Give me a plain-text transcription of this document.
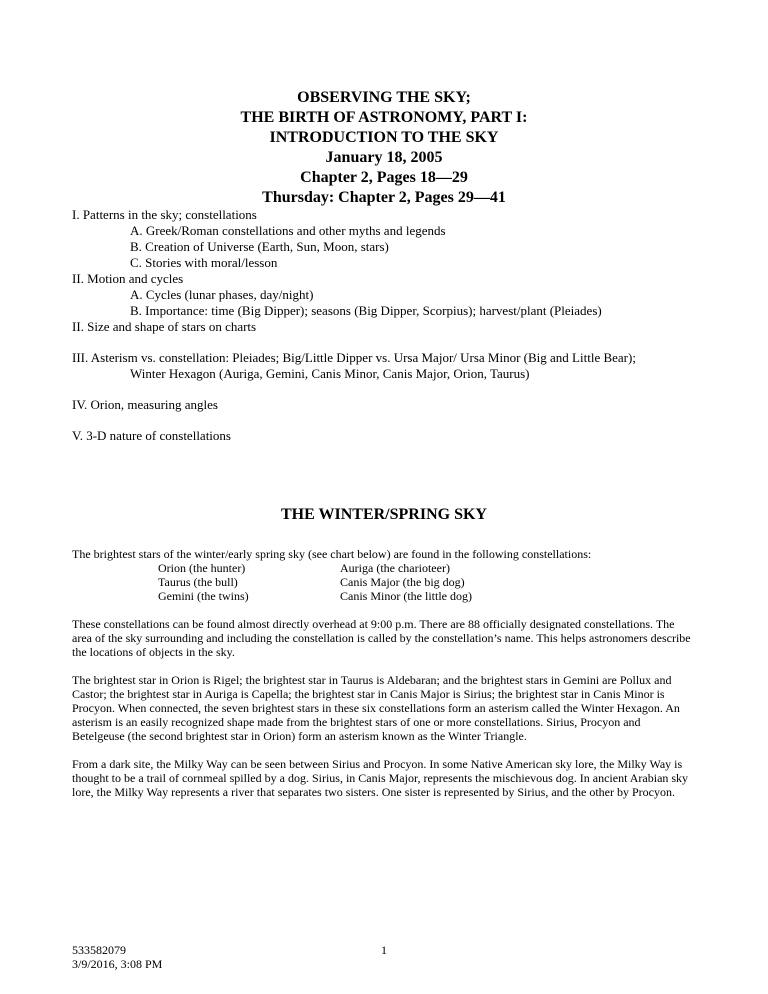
OBSERVING THE SKY;
THE BIRTH OF ASTRONOMY, PART I:
INTRODUCTION TO THE SKY
January 18, 2005
Chapter 2, Pages 18—29
Thursday: Chapter 2, Pages 29—41
I. Patterns in the sky; constellations
A. Greek/Roman constellations and other myths and legends
B. Creation of Universe (Earth, Sun, Moon, stars)
C. Stories with moral/lesson
II. Motion and cycles
A. Cycles (lunar phases, day/night)
B. Importance: time (Big Dipper); seasons (Big Dipper, Scorpius); harvest/plant (Pleiades)
II. Size and shape of stars on charts
III. Asterism vs. constellation: Pleiades; Big/Little Dipper vs. Ursa Major/ Ursa Minor (Big and Little Bear);
Winter Hexagon (Auriga, Gemini, Canis Minor, Canis Major, Orion, Taurus)
IV. Orion, measuring angles
V. 3-D nature of constellations
THE WINTER/SPRING SKY
The brightest stars of the winter/early spring sky (see chart below) are found in the following constellations:
Orion (the hunter)	Auriga (the charioteer)
Taurus (the bull)	Canis Major (the big dog)
Gemini (the twins)	Canis Minor (the little dog)

These constellations can be found almost directly overhead at 9:00 p.m. There are 88 officially designated constellations. The area of the sky surrounding and including the constellation is called by the constellation’s name. This helps astronomers describe the locations of objects in the sky.

The brightest star in Orion is Rigel; the brightest star in Taurus is Aldebaran; and the brightest stars in Gemini are Pollux and Castor; the brightest star in Auriga is Capella; the brightest star in Canis Major is Sirius; the brightest star in Canis Minor is Procyon. When connected, the seven brightest stars in these six constellations form an asterism called the Winter Hexagon. An asterism is an easily recognized shape made from the brightest stars of one or more constellations. Sirius, Procyon and Betelgeuse (the second brightest star in Orion) form an asterism known as the Winter Triangle.

From a dark site, the Milky Way can be seen between Sirius and Procyon. In some Native American sky lore, the Milky Way is thought to be a trail of cornmeal spilled by a dog. Sirius, in Canis Major, represents the mischievous dog. In ancient Arabian sky lore, the Milky Way represents a river that separates two sisters. One sister is represented by Sirius, and the other by Procyon.

533582079
3/9/2016, 3:08 PM
1
